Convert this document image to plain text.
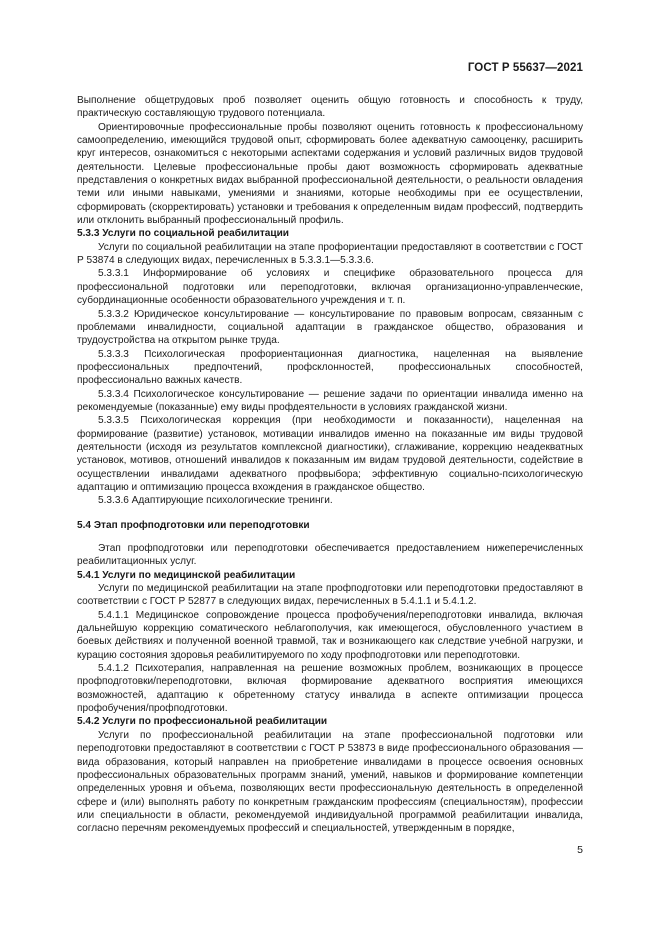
ГОСТ Р 55637—2021

Выполнение общетрудовых проб позволяет оценить общую готовность и способность к труду, практическую составляющую трудового потенциала.

Ориентировочные профессиональные пробы позволяют оценить готовность к профессиональному самоопределению, имеющийся трудовой опыт, сформировать более адекватную самооценку, расширить круг интересов, ознакомиться с некоторыми аспектами содержания и условий различных видов трудовой деятельности. Целевые профессиональные пробы дают возможность сформировать адекватные представления о конкретных видах выбранной профессиональной деятельности, о реальности овладения теми или иными навыками, умениями и знаниями, которые необходимы при ее осуществлении, сформировать (скорректировать) установки и требования к определенным видам профессий, подтвердить или отклонить выбранный профессиональный профиль.

5.3.3 Услуги по социальной реабилитации

Услуги по социальной реабилитации на этапе профориентации предоставляют в соответствии с ГОСТ Р 53874 в следующих видах, перечисленных в 5.3.3.1—5.3.3.6.

5.3.3.1 Информирование об условиях и специфике образовательного процесса для профессиональной подготовки или переподготовки, включая организационно-управленческие, субординационные особенности образовательного учреждения и т. п.

5.3.3.2 Юридическое консультирование — консультирование по правовым вопросам, связанным с проблемами инвалидности, социальной адаптации в гражданское общество, образования и трудоустройства на открытом рынке труда.

5.3.3.3 Психологическая профориентационная диагностика, нацеленная на выявление профессиональных предпочтений, профсклонностей, профессиональных способностей, профессионально важных качеств.

5.3.3.4 Психологическое консультирование — решение задачи по ориентации инвалида именно на рекомендуемые (показанные) ему виды профдеятельности в условиях гражданской жизни.

5.3.3.5 Психологическая коррекция (при необходимости и показанности), нацеленная на формирование (развитие) установок, мотивации инвалидов именно на показанные им виды трудовой деятельности (исходя из результатов комплексной диагностики), сглаживание, коррекцию неадекватных установок, мотивов, отношений инвалидов к показанным им видам трудовой деятельности, содействие в осуществлении инвалидами адекватного профвыбора; эффективную социально-психологическую адаптацию и оптимизацию процесса вхождения в гражданское общество.

5.3.3.6 Адаптирующие психологические тренинги.

5.4 Этап профподготовки или переподготовки

Этап профподготовки или переподготовки обеспечивается предоставлением нижеперечисленных реабилитационных услуг.

5.4.1 Услуги по медицинской реабилитации

Услуги по медицинской реабилитации на этапе профподготовки или переподготовки предоставляют в соответствии с ГОСТ Р 52877 в следующих видах, перечисленных в 5.4.1.1 и 5.4.1.2.

5.4.1.1 Медицинское сопровождение процесса профобучения/переподготовки инвалида, включая дальнейшую коррекцию соматического неблагополучия, как имеющегося, обусловленного участием в боевых действиях и полученной военной травмой, так и возникающего как следствие учебной нагрузки, и курацию состояния здоровья реабилитируемого по ходу профподготовки или переподготовки.

5.4.1.2 Психотерапия, направленная на решение возможных проблем, возникающих в процессе профподготовки/переподготовки, включая формирование адекватного восприятия имеющихся возможностей, адаптацию к обретенному статусу инвалида в аспекте оптимизации процесса профобучения/профподготовки.

5.4.2 Услуги по профессиональной реабилитации

Услуги по профессиональной реабилитации на этапе профессиональной подготовки или переподготовки предоставляют в соответствии с ГОСТ Р 53873 в виде профессионального образования — вида образования, который направлен на приобретение инвалидами в процессе освоения основных профессиональных образовательных программ знаний, умений, навыков и формирование компетенции определенных уровня и объема, позволяющих вести профессиональную деятельность в определенной сфере и (или) выполнять работу по конкретным гражданским профессиям (специальностям), профессии или специальности в области, рекомендуемой индивидуальной программой реабилитации инвалида, согласно перечням рекомендуемых профессий и специальностей, утвержденным в порядке,

5
